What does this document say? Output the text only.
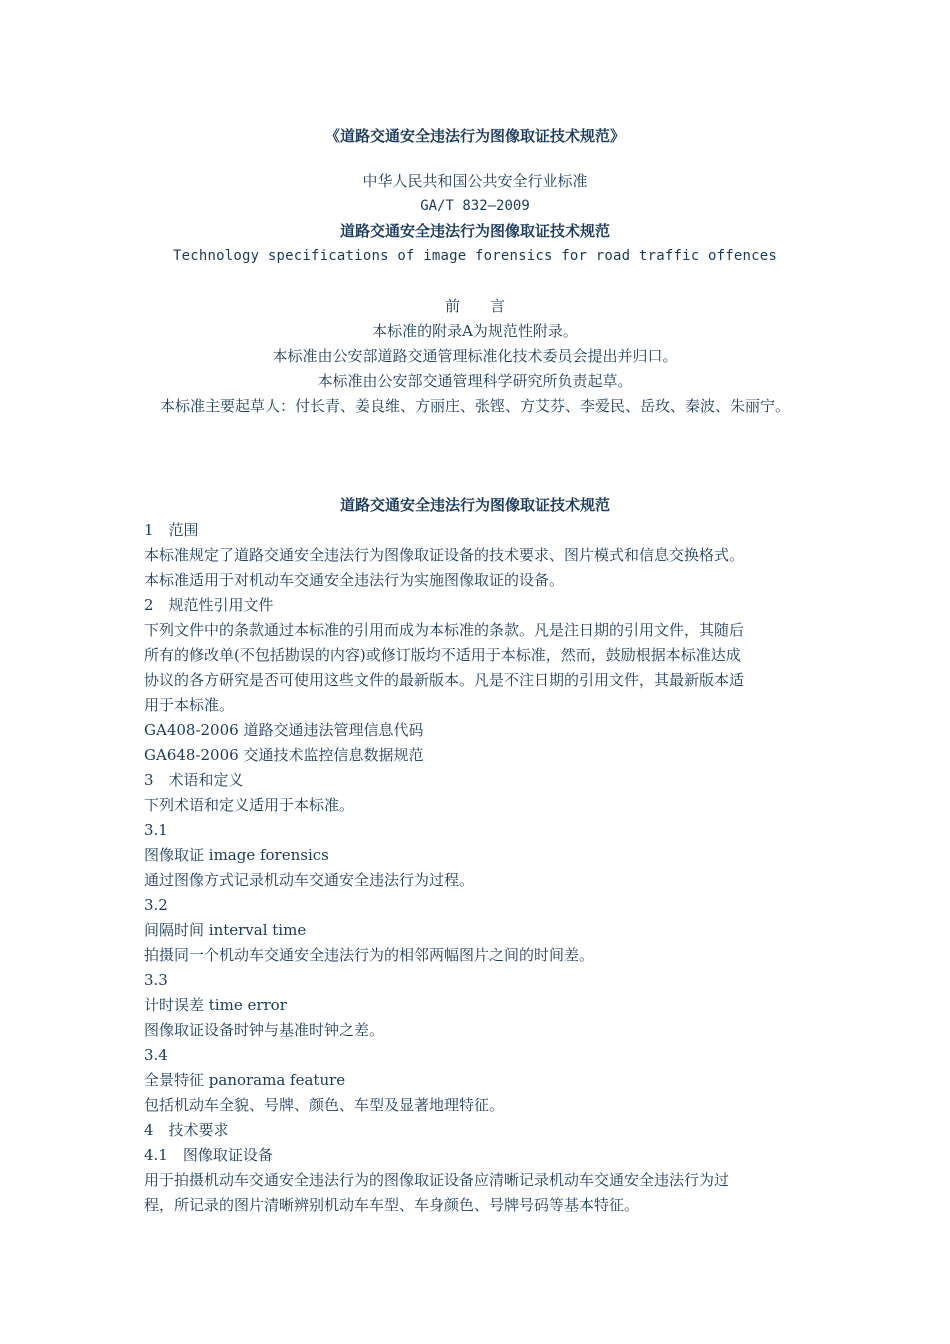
《道路交通安全违法行为图像取证技术规范》
中华人民共和国公共安全行业标准
GA/T 832—2009
道路交通安全违法行为图像取证技术规范
Technology specifications of image forensics for road traffic offences
前　　言
本标准的附录A为规范性附录。
本标准由公安部道路交通管理标准化技术委员会提出并归口。
本标准由公安部交通管理科学研究所负责起草。
本标准主要起草人：付长青、姜良维、方丽庄、张铿、方艾芬、李爱民、岳玫、秦波、朱丽宁。
道路交通安全违法行为图像取证技术规范
1　范围
本标准规定了道路交通安全违法行为图像取证设备的技术要求、图片模式和信息交换格式。
本标准适用于对机动车交通安全违法行为实施图像取证的设备。
2　规范性引用文件
下列文件中的条款通过本标准的引用而成为本标准的条款。凡是注日期的引用文件，其随后
所有的修改单(不包括勘误的内容)或修订版均不适用于本标准，然而，鼓励根据本标准达成
协议的各方研究是否可使用这些文件的最新版本。凡是不注日期的引用文件，其最新版本适
用于本标准。
GA408-2006 道路交通违法管理信息代码
GA648-2006 交通技术监控信息数据规范
3　术语和定义
下列术语和定义适用于本标准。
3.1
图像取证 image forensics
通过图像方式记录机动车交通安全违法行为过程。
3.2
间隔时间 interval time
拍摄同一个机动车交通安全违法行为的相邻两幅图片之间的时间差。
3.3
计时误差 time error
图像取证设备时钟与基准时钟之差。
3.4
全景特征 panorama feature
包括机动车全貌、号牌、颜色、车型及显著地理特征。
4　技术要求
4.1　图像取证设备
用于拍摄机动车交通安全违法行为的图像取证设备应清晰记录机动车交通安全违法行为过
程，所记录的图片清晰辨别机动车车型、车身颜色、号牌号码等基本特征。
